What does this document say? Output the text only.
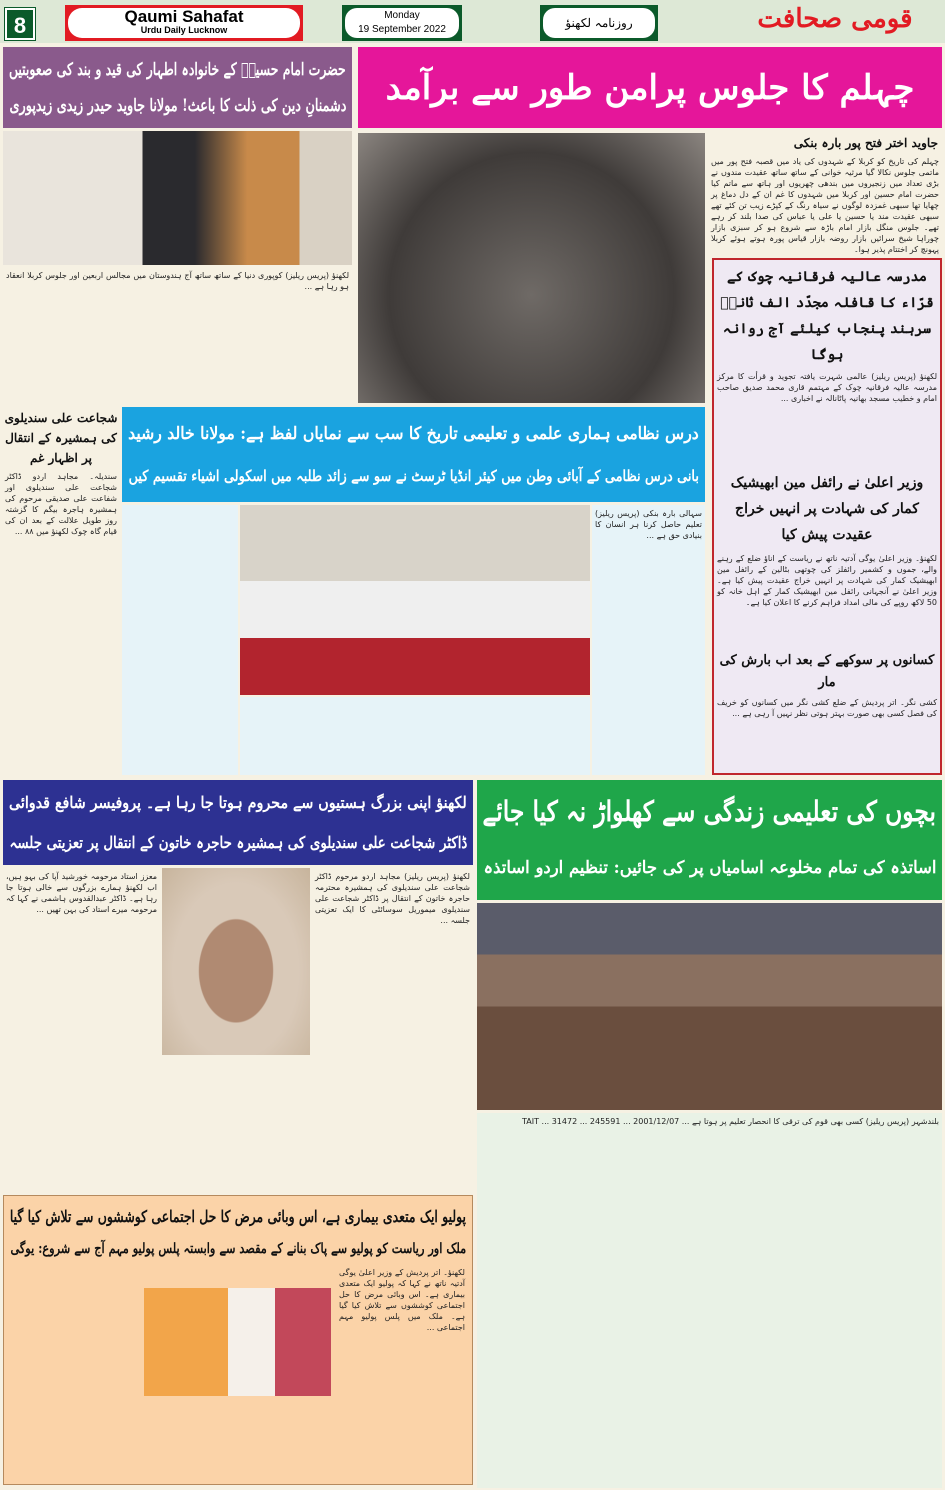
8	Qaumi Sahafat
Urdu Daily Lucknow
Monday
19 September 2022	روزنامہ لکھنؤ	قومی صحافت
حضرت امام حسینؓ کے خانوادہ اطہار کی قید و بند کی صعوبتیں
دشمنانِ دین کی ذلت کا باعث! مولانا جاوید حیدر زیدی زیدپوری
لکھنؤ (پریس ریلیز) کوپوری دنیا کے ساتھ ساتھ آج ہندوستان میں مجالس اربعین اور جلوس کربلا انعقاد ہو رہا ہے ...
چہلم کا جلوس پرامن طور سے برآمد
جاوید اختر فتح پور بارہ بنکی
چہلم کی تاریخ کو کربلا کے شہدوں کی یاد میں قصبہ فتح پور میں ماتمی جلوس نکالا گیا مرثیہ خوانی کے ساتھ ساتھ عقیدت مندوں نے بڑی تعداد میں زنجیروں میں بندھی چھریوں اور ہاتھ سے ماتم کیا حضرت امام حسین اور کربلا میں شہدوں کا غم ان کے دل دماغ پر چھایا تھا سبھی غمزدہ لوگوں نے سیاہ رنگ کے کپڑے زیب تن کئے تھے سبھی عقیدت مند یا حسین یا علی یا عباس کی صدا بلند کر رہے تھے۔ جلوس منگل بازار امام باڑہ سے شروع ہو کر سبزی بازار چوراہا شیخ سرائیں بازار روضہ بازار قیاس پورہ ہوتے ہوئے کربلا پہونچ کر اختتام پذیر ہوا۔
مدرسہ عالیہ فرقانیہ چوک کے قرّاء کا قافلہ مجدّد الف ثانیؒ سرہند پنجاب کیلئے آج روانہ ہوگا
لکھنؤ (پریس ریلیز) عالمی شہرت یافتہ تجوید و قرأت کا مرکز مدرسہ عالیہ فرقانیہ چوک کے مہتمم قاری محمد صدیق صاحب امام و خطیب مسجد بھانیہ پاٹانالہ نے اخباری ...
وزیر اعلیٰ نے رائفل مین ابھیشیک کمار کی شہادت پر انہیں خراج عقیدت پیش کیا
لکھنؤ۔ وزیر اعلیٰ یوگی آدتیہ ناتھ نے ریاست کے اناؤ ضلع کے رہنے والے، جموں و کشمیر رائفلز کی چوتھی بٹالین کے رائفل مین ابھیشیک کمار کی شہادت پر انہیں خراج عقیدت پیش کیا ہے۔ وزیر اعلیٰ نے آنجہانی رائفل مین ابھیشیک کمار کے اہل خانہ کو 50 لاکھ روپے کی مالی امداد فراہم کرنے کا اعلان کیا ہے۔
کسانوں پر سوکھے کے بعد اب بارش کی مار
کشی نگر۔ اتر پردیش کے ضلع کشی نگر میں کسانوں کو خریف کی فصل کسی بھی صورت بہتر ہوتی نظر نہیں آ رہی ہے ...
شجاعت علی سندیلوی کی ہمشیرہ کے انتقال پر اظہار غم
سندیلہ۔ مجاہد اردو ڈاکٹر شجاعت علی سندیلوی اور شفاعت علی صدیقی مرحوم کی ہمشیرہ ہاجرہ بیگم کا گزشتہ روز طویل علالت کے بعد ان کی قیام گاہ چوک لکھنؤ میں ۸۸ ...
درس نظامی ہماری علمی و تعلیمی تاریخ کا سب سے نمایاں لفظ ہے: مولانا خالد رشید
بانی درس نظامی کے آبائی وطن میں کیئر انڈیا ٹرسٹ نے سو سے زائد طلبہ میں اسکولی اشیاء تقسیم کیں
سہالی بارہ بنکی (پریس ریلیز) تعلیم حاصل کرنا ہر انسان کا بنیادی حق ہے ...
لکھنؤ اپنی بزرگ ہستیوں سے محروم ہوتا جا رہا ہے۔ پروفیسر شافع قدوائی
ڈاکٹر شجاعت علی سندیلوی کی ہمشیرہ حاجرہ خاتون کے انتقال پر تعزیتی جلسہ
لکھنؤ (پریس ریلیز) مجاہد اردو مرحوم ڈاکٹر شجاعت علی سندیلوی کی ہمشیرہ محترمہ حاجرہ خاتون کے انتقال پر ڈاکٹر شجاعت علی سندیلوی میموریل سوسائٹی کا ایک تعزیتی جلسہ ...
معزز استاد مرحومہ خورشید آپا کی بہو ہیں، اب لکھنؤ ہمارے بزرگوں سے خالی ہوتا جا رہا ہے۔ ڈاکٹر عبدالقدوس ہاشمی نے کہا کہ مرحومہ میرے استاد کی بہن تھیں ...
بچوں کی تعلیمی زندگی سے کھلواڑ نہ کیا جائے
اساتذہ کی تمام مخلوعہ اسامیاں پر کی جائیں: تنظیم اردو اساتذہ
بلندشہر (پریس ریلیز) کسی بھی قوم کی ترقی کا انحصار تعلیم پر ہوتا ہے ... 2001/12/07 ... 245591 ... 31472 ... TAIT
پولیو ایک متعدی بیماری ہے، اس وبائی مرض کا حل اجتماعی کوششوں سے تلاش کیا گیا
ملک اور ریاست کو پولیو سے پاک بنانے کے مقصد سے وابستہ پلس پولیو مہم آج سے شروع: یوگی
لکھنؤ۔ اتر پردیش کے وزیر اعلیٰ یوگی آدتیہ ناتھ نے کہا کہ پولیو ایک متعدی بیماری ہے۔ اس وبائی مرض کا حل اجتماعی کوششوں سے تلاش کیا گیا ہے۔ ملک میں پلس پولیو مہم اجتماعی ...
